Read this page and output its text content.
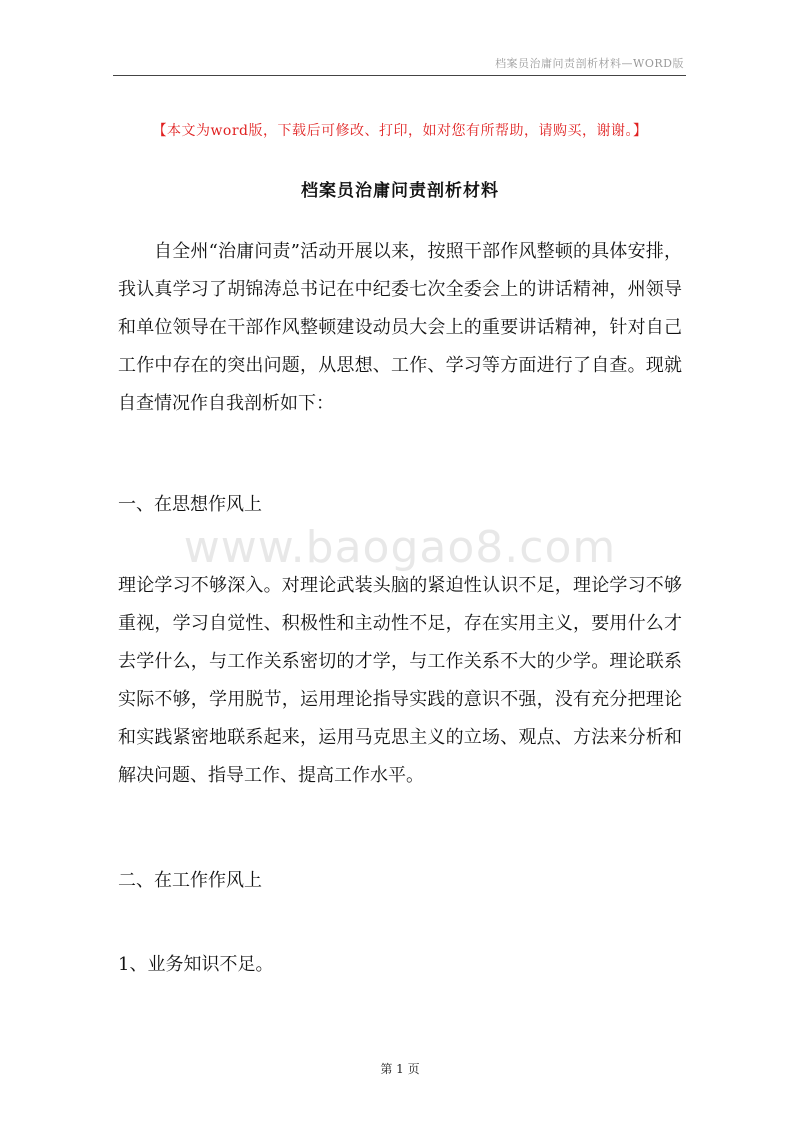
档案员治庸问责剖析材料—WORD版
【本文为word版，下载后可修改、打印，如对您有所帮助，请购买，谢谢。】
档案员治庸问责剖析材料
自全州“治庸问责”活动开展以来，按照干部作风整顿的具体安排，我认真学习了胡锦涛总书记在中纪委七次全委会上的讲话精神，州领导和单位领导在干部作风整顿建设动员大会上的重要讲话精神，针对自己工作中存在的突出问题，从思想、工作、学习等方面进行了自查。现就自查情况作自我剖析如下：
一、在思想作风上
www.baogao8.com
理论学习不够深入。对理论武装头脑的紧迫性认识不足，理论学习不够重视，学习自觉性、积极性和主动性不足，存在实用主义，要用什么才去学什么，与工作关系密切的才学，与工作关系不大的少学。理论联系实际不够，学用脱节，运用理论指导实践的意识不强，没有充分把理论和实践紧密地联系起来，运用马克思主义的立场、观点、方法来分析和解决问题、指导工作、提高工作水平。
二、在工作作风上
1、业务知识不足。
第 1 页
